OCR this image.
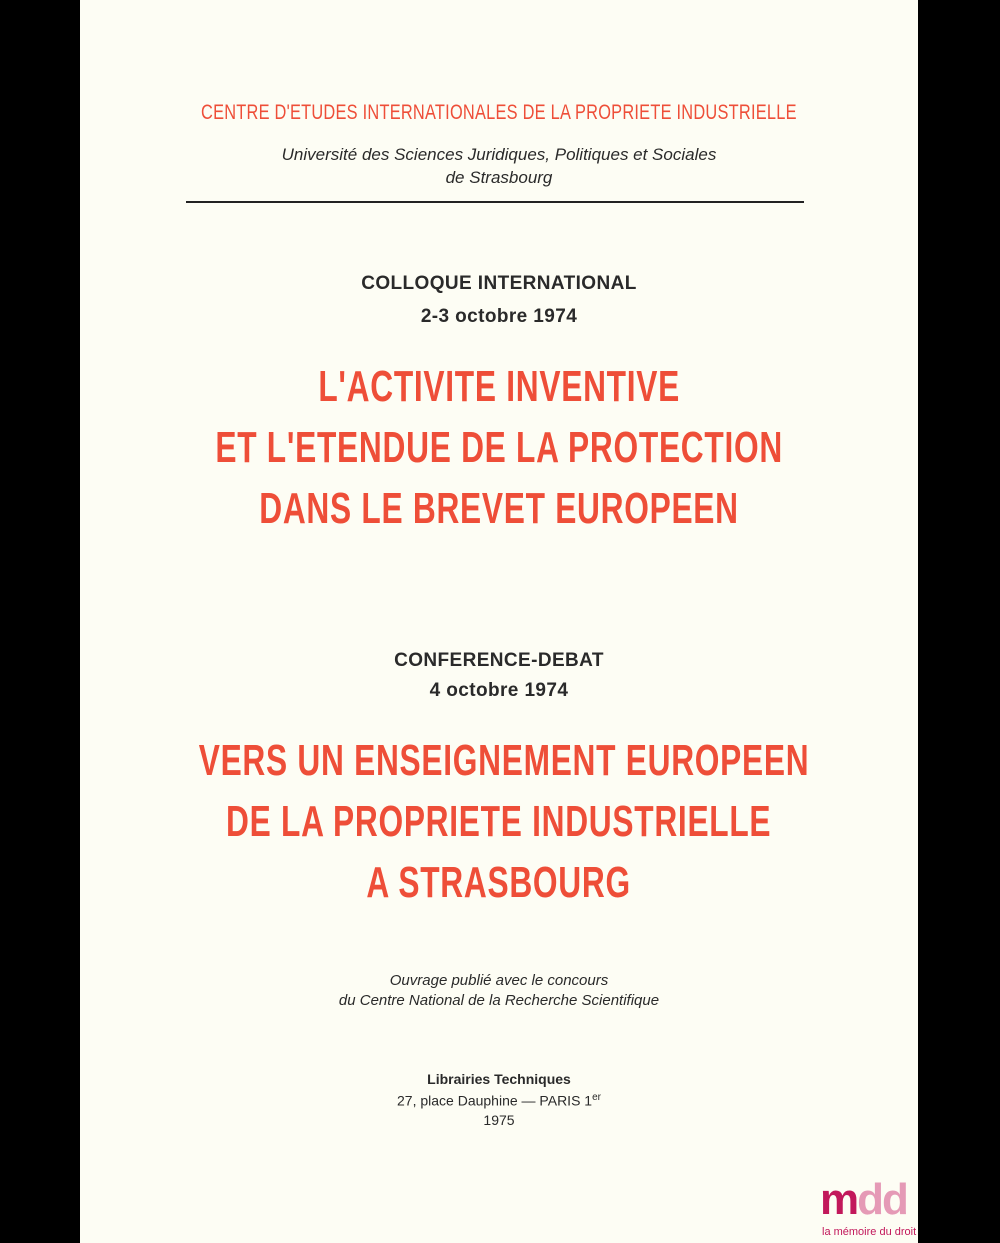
CENTRE D'ETUDES INTERNATIONALES DE LA PROPRIETE INDUSTRIELLE
Université des Sciences Juridiques, Politiques et Sociales
de Strasbourg
COLLOQUE INTERNATIONAL
2-3 octobre 1974
L'ACTIVITE INVENTIVE
ET L'ETENDUE DE LA PROTECTION
DANS LE BREVET EUROPEEN
CONFERENCE-DEBAT
4 octobre 1974
VERS UN ENSEIGNEMENT EUROPEEN
DE LA PROPRIETE INDUSTRIELLE
A STRASBOURG
Ouvrage publié avec le concours
du Centre National de la Recherche Scientifique
Librairies Techniques
27, place Dauphine — PARIS 1er
1975
mdd
la mémoire du droit
